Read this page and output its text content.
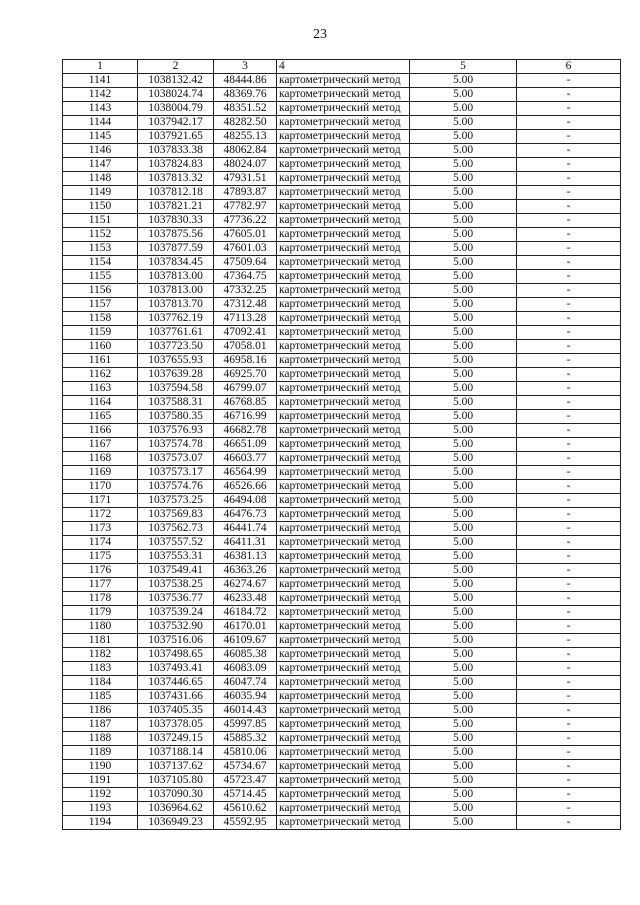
23
1	2	3	4	5	6
1141	1038132.42	48444.86	картометрический метод	5.00	-
1142	1038024.74	48369.76	картометрический метод	5.00	-
1143	1038004.79	48351.52	картометрический метод	5.00	-
1144	1037942.17	48282.50	картометрический метод	5.00	-
1145	1037921.65	48255.13	картометрический метод	5.00	-
1146	1037833.38	48062.84	картометрический метод	5.00	-
1147	1037824.83	48024.07	картометрический метод	5.00	-
1148	1037813.32	47931.51	картометрический метод	5.00	-
1149	1037812.18	47893.87	картометрический метод	5.00	-
1150	1037821.21	47782.97	картометрический метод	5.00	-
1151	1037830.33	47736.22	картометрический метод	5.00	-
1152	1037875.56	47605.01	картометрический метод	5.00	-
1153	1037877.59	47601.03	картометрический метод	5.00	-
1154	1037834.45	47509.64	картометрический метод	5.00	-
1155	1037813.00	47364.75	картометрический метод	5.00	-
1156	1037813.00	47332.25	картометрический метод	5.00	-
1157	1037813.70	47312.48	картометрический метод	5.00	-
1158	1037762.19	47113.28	картометрический метод	5.00	-
1159	1037761.61	47092.41	картометрический метод	5.00	-
1160	1037723.50	47058.01	картометрический метод	5.00	-
1161	1037655.93	46958.16	картометрический метод	5.00	-
1162	1037639.28	46925.70	картометрический метод	5.00	-
1163	1037594.58	46799.07	картометрический метод	5.00	-
1164	1037588.31	46768.85	картометрический метод	5.00	-
1165	1037580.35	46716.99	картометрический метод	5.00	-
1166	1037576.93	46682.78	картометрический метод	5.00	-
1167	1037574.78	46651.09	картометрический метод	5.00	-
1168	1037573.07	46603.77	картометрический метод	5.00	-
1169	1037573.17	46564.99	картометрический метод	5.00	-
1170	1037574.76	46526.66	картометрический метод	5.00	-
1171	1037573.25	46494.08	картометрический метод	5.00	-
1172	1037569.83	46476.73	картометрический метод	5.00	-
1173	1037562.73	46441.74	картометрический метод	5.00	-
1174	1037557.52	46411.31	картометрический метод	5.00	-
1175	1037553.31	46381.13	картометрический метод	5.00	-
1176	1037549.41	46363.26	картометрический метод	5.00	-
1177	1037538.25	46274.67	картометрический метод	5.00	-
1178	1037536.77	46233.48	картометрический метод	5.00	-
1179	1037539.24	46184.72	картометрический метод	5.00	-
1180	1037532.90	46170.01	картометрический метод	5.00	-
1181	1037516.06	46109.67	картометрический метод	5.00	-
1182	1037498.65	46085.38	картометрический метод	5.00	-
1183	1037493.41	46083.09	картометрический метод	5.00	-
1184	1037446.65	46047.74	картометрический метод	5.00	-
1185	1037431.66	46035.94	картометрический метод	5.00	-
1186	1037405.35	46014.43	картометрический метод	5.00	-
1187	1037378.05	45997.85	картометрический метод	5.00	-
1188	1037249.15	45885.32	картометрический метод	5.00	-
1189	1037188.14	45810.06	картометрический метод	5.00	-
1190	1037137.62	45734.67	картометрический метод	5.00	-
1191	1037105.80	45723.47	картометрический метод	5.00	-
1192	1037090.30	45714.45	картометрический метод	5.00	-
1193	1036964.62	45610.62	картометрический метод	5.00	-
1194	1036949.23	45592.95	картометрический метод	5.00	-
